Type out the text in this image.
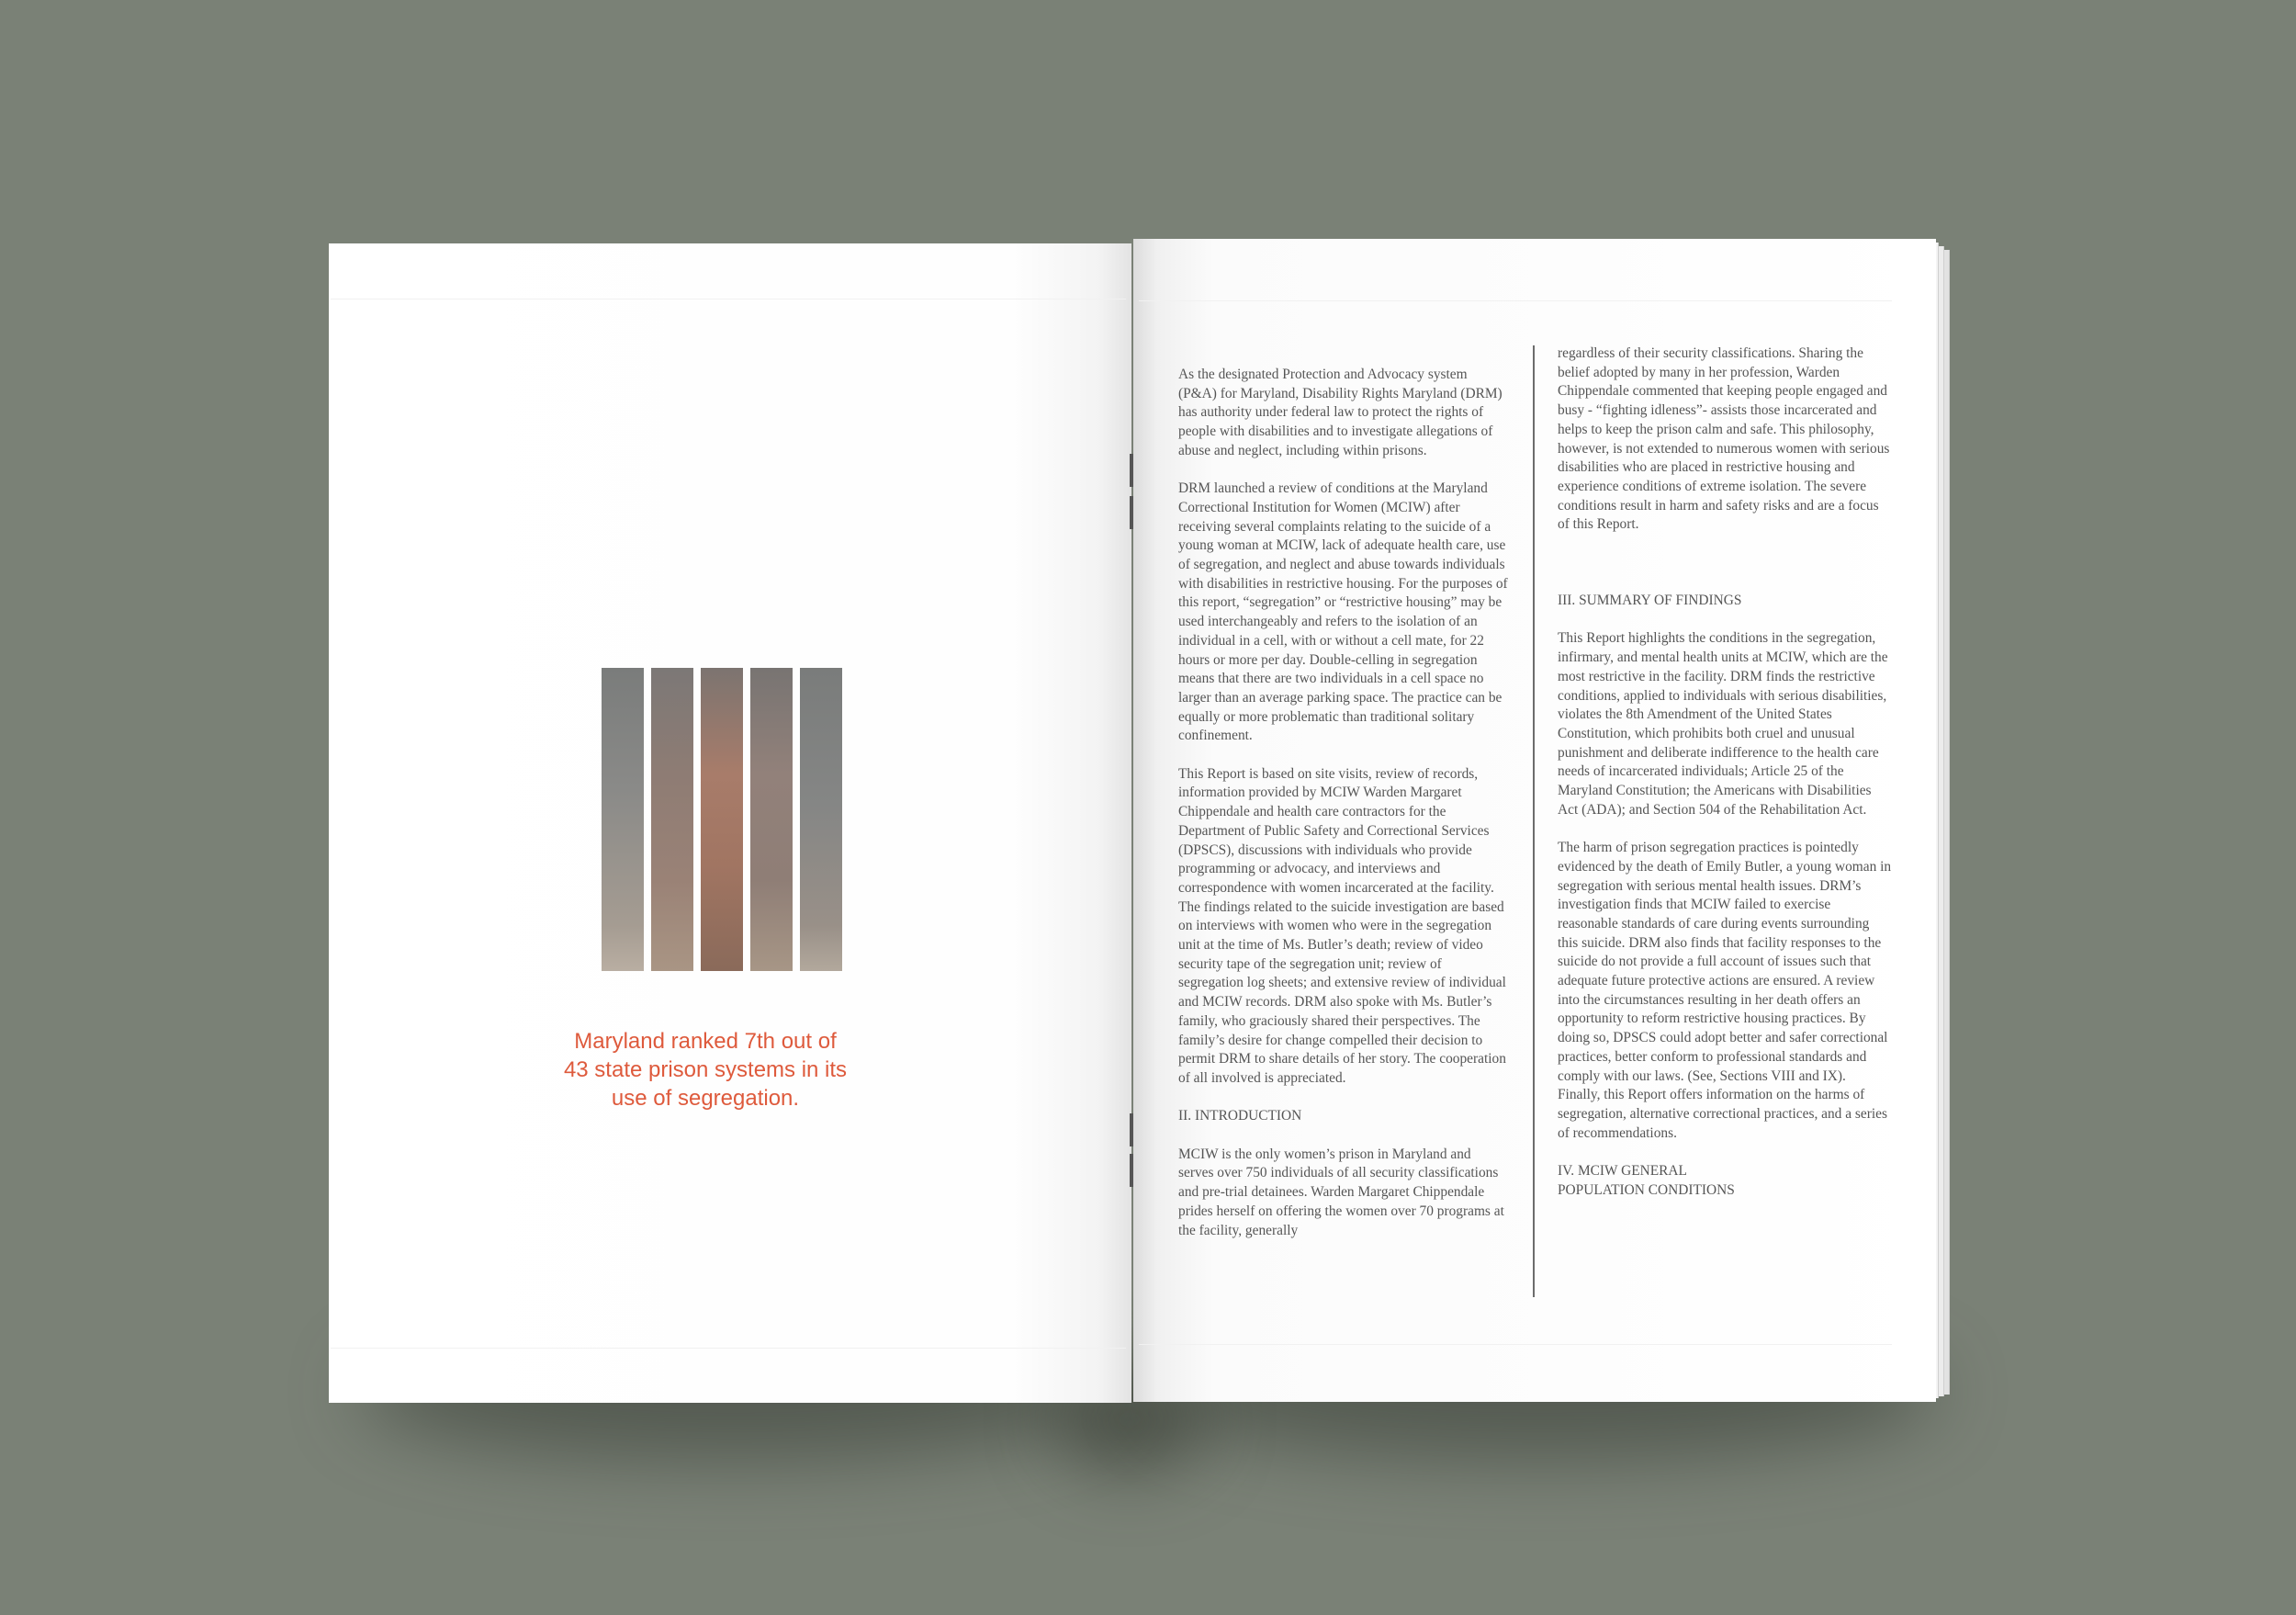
Maryland ranked 7th out of 43 state prison systems in its use of segregation.

As the designated Protection and Advocacy system (P&A) for Maryland, Disability Rights Maryland (DRM) has authority under federal law to protect the rights of people with disabilities and to investigate allegations of abuse and neglect, including within prisons.

DRM launched a review of conditions at the Maryland Correctional Institution for Women (MCIW) after receiving several complaints relating to the suicide of a young woman at MCIW, lack of adequate health care, use of segregation, and neglect and abuse towards individuals with disabilities in restrictive housing. For the purposes of this report, “segregation” or “restrictive housing” may be used interchangeably and refers to the isolation of an individual in a cell, with or without a cell mate, for 22 hours or more per day. Double-celling in segregation means that there are two individuals in a cell space no larger than an average parking space. The practice can be equally or more problematic than traditional solitary confinement.

This Report is based on site visits, review of records, information provided by MCIW Warden Margaret Chippendale and health care contractors for the Department of Public Safety and Correctional Services (DPSCS), discussions with individuals who provide programming or advocacy, and interviews and correspondence with women incarcerated at the facility. The findings related to the suicide investigation are based on interviews with women who were in the segregation unit at the time of Ms. Butler’s death; review of video security tape of the segregation unit; review of segregation log sheets; and extensive review of individual and MCIW records. DRM also spoke with Ms. Butler’s family, who graciously shared their perspectives. The family’s desire for change compelled their decision to permit DRM to share details of her story. The cooperation of all involved is appreciated.

II. INTRODUCTION

MCIW is the only women’s prison in Maryland and serves over 750 individuals of all security classifications and pre-trial detainees. Warden Margaret Chippendale prides herself on offering the women over 70 programs at the facility, generally

regardless of their security classifications. Sharing the belief adopted by many in her profession, Warden Chippendale commented that keeping people engaged and busy - “fighting idleness”- assists those incarcerated and helps to keep the prison calm and safe. This philosophy, however, is not extended to numerous women with serious disabilities who are placed in restrictive housing and experience conditions of extreme isolation. The severe conditions result in harm and safety risks and are a focus of this Report.

III. SUMMARY OF FINDINGS

This Report highlights the conditions in the segregation, infirmary, and mental health units at MCIW, which are the most restrictive in the facility. DRM finds the restrictive conditions, applied to individuals with serious disabilities, violates the 8th Amendment of the United States Constitution, which prohibits both cruel and unusual punishment and deliberate indifference to the health care needs of incarcerated individuals; Article 25 of the Maryland Constitution; the Americans with Disabilities Act (ADA); and Section 504 of the Rehabilitation Act.

The harm of prison segregation practices is pointedly evidenced by the death of Emily Butler, a young woman in segregation with serious mental health issues. DRM’s investigation finds that MCIW failed to exercise reasonable standards of care during events surrounding this suicide. DRM also finds that facility responses to the suicide do not provide a full account of issues such that adequate future protective actions are ensured. A review into the circumstances resulting in her death offers an opportunity to reform restrictive housing practices. By doing so, DPSCS could adopt better and safer correctional practices, better conform to professional standards and comply with our laws. (See, Sections VIII and IX). Finally, this Report offers information on the harms of segregation, alternative correctional practices, and a series of recommendations.

IV. MCIW GENERAL POPULATION CONDITIONS
